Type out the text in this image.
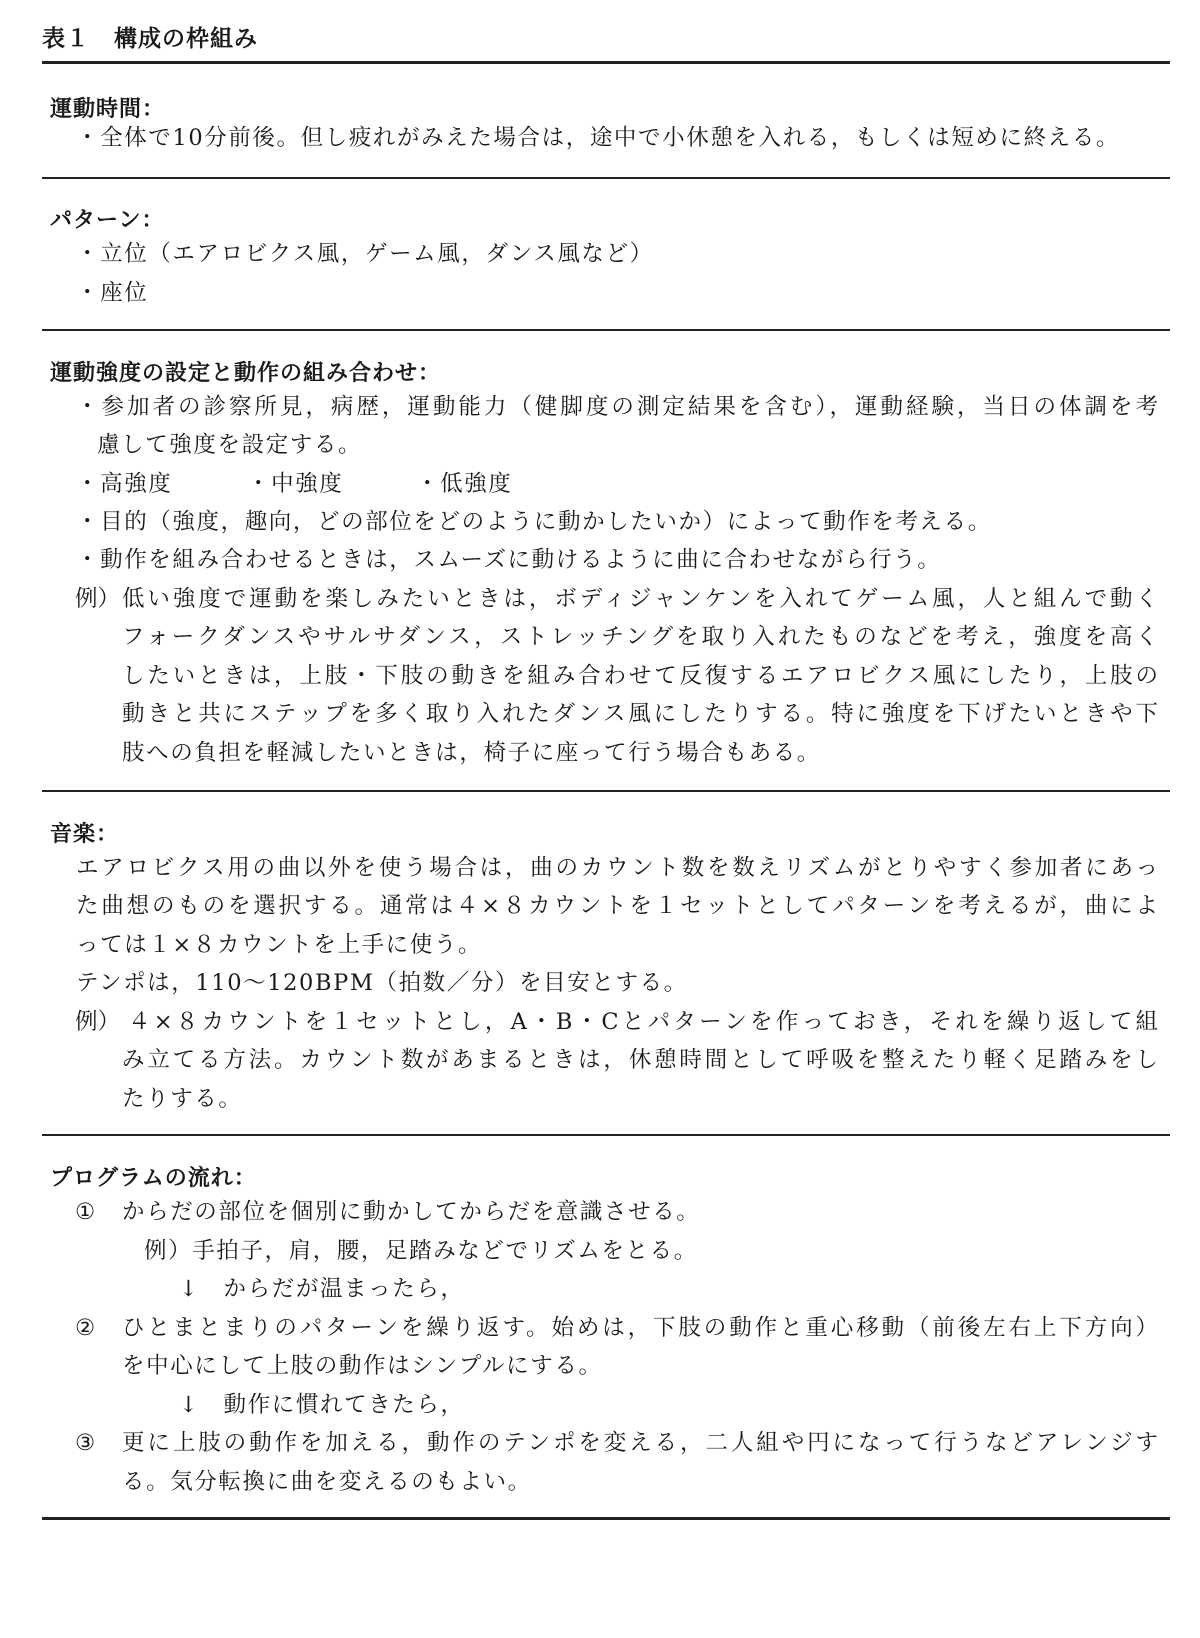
表１　構成の枠組み
運動時間：
・全体で10分前後。但し疲れがみえた場合は，途中で小休憩を入れる，もしくは短めに終える。
パターン：
・立位（エアロビクス風，ゲーム風，ダンス風など）
・座位
運動強度の設定と動作の組み合わせ：
・参加者の診察所見，病歴，運動能力（健脚度の測定結果を含む），運動経験，当日の体調を考
慮して強度を設定する。
・高強度	・中強度	・低強度
・目的（強度，趣向，どの部位をどのように動かしたいか）によって動作を考える。
・動作を組み合わせるときは，スムーズに動けるように曲に合わせながら行う。
例） 低い強度で運動を楽しみたいときは，ボディジャンケンを入れてゲーム風，人と組んで動く
フォークダンスやサルサダンス，ストレッチングを取り入れたものなどを考え，強度を高く
したいときは，上肢・下肢の動きを組み合わせて反復するエアロビクス風にしたり，上肢の
動きと共にステップを多く取り入れたダンス風にしたりする。特に強度を下げたいときや下
肢への負担を軽減したいときは，椅子に座って行う場合もある。
音楽：
エアロビクス用の曲以外を使う場合は，曲のカウント数を数えリズムがとりやすく参加者にあっ
た曲想のものを選択する。通常は４×８カウントを１セットとしてパターンを考えるが，曲によ
っては１×８カウントを上手に使う。
テンポは，110～120BPM（拍数／分）を目安とする。
例） ４×８カウントを１セットとし，A・B・Cとパターンを作っておき，それを繰り返して組
み立てる方法。カウント数があまるときは，休憩時間として呼吸を整えたり軽く足踏みをし
たりする。
プログラムの流れ：
① からだの部位を個別に動かしてからだを意識させる。
例）手拍子，肩，腰，足踏みなどでリズムをとる。
↓　からだが温まったら，
② ひとまとまりのパターンを繰り返す。始めは，下肢の動作と重心移動（前後左右上下方向）
を中心にして上肢の動作はシンプルにする。
↓　動作に慣れてきたら，
③ 更に上肢の動作を加える，動作のテンポを変える，二人組や円になって行うなどアレンジす
る。気分転換に曲を変えるのもよい。
